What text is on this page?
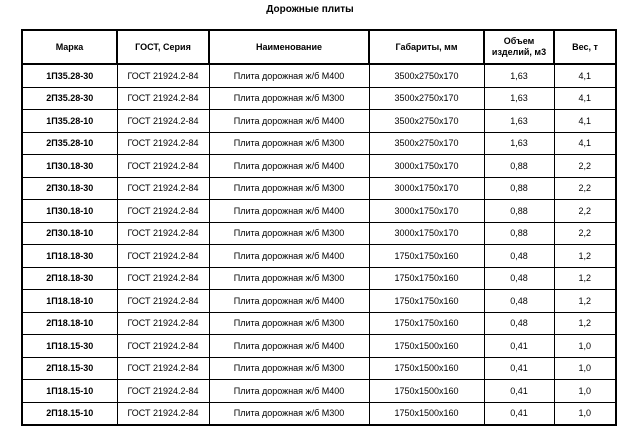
Дорожные плиты
Марка	ГОСТ, Серия	Наименование	Габариты, мм	Объем изделий, м3	Вес, т
1П35.28-30	ГОСТ 21924.2-84	Плита дорожная ж/б М400	3500x2750x170	1,63	4,1
2П35.28-30	ГОСТ 21924.2-84	Плита дорожная ж/б М300	3500x2750x170	1,63	4,1
1П35.28-10	ГОСТ 21924.2-84	Плита дорожная ж/б М400	3500x2750x170	1,63	4,1
2П35.28-10	ГОСТ 21924.2-84	Плита дорожная ж/б М300	3500x2750x170	1,63	4,1
1П30.18-30	ГОСТ 21924.2-84	Плита дорожная ж/б М400	3000x1750x170	0,88	2,2
2П30.18-30	ГОСТ 21924.2-84	Плита дорожная ж/б М300	3000x1750x170	0,88	2,2
1П30.18-10	ГОСТ 21924.2-84	Плита дорожная ж/б М400	3000x1750x170	0,88	2,2
2П30.18-10	ГОСТ 21924.2-84	Плита дорожная ж/б М300	3000x1750x170	0,88	2,2
1П18.18-30	ГОСТ 21924.2-84	Плита дорожная ж/б М400	1750x1750x160	0,48	1,2
2П18.18-30	ГОСТ 21924.2-84	Плита дорожная ж/б М300	1750x1750x160	0,48	1,2
1П18.18-10	ГОСТ 21924.2-84	Плита дорожная ж/б М400	1750x1750x160	0,48	1,2
2П18.18-10	ГОСТ 21924.2-84	Плита дорожная ж/б М300	1750x1750x160	0,48	1,2
1П18.15-30	ГОСТ 21924.2-84	Плита дорожная ж/б М400	1750x1500x160	0,41	1,0
2П18.15-30	ГОСТ 21924.2-84	Плита дорожная ж/б М300	1750x1500x160	0,41	1,0
1П18.15-10	ГОСТ 21924.2-84	Плита дорожная ж/б М400	1750x1500x160	0,41	1,0
2П18.15-10	ГОСТ 21924.2-84	Плита дорожная ж/б М300	1750x1500x160	0,41	1,0
